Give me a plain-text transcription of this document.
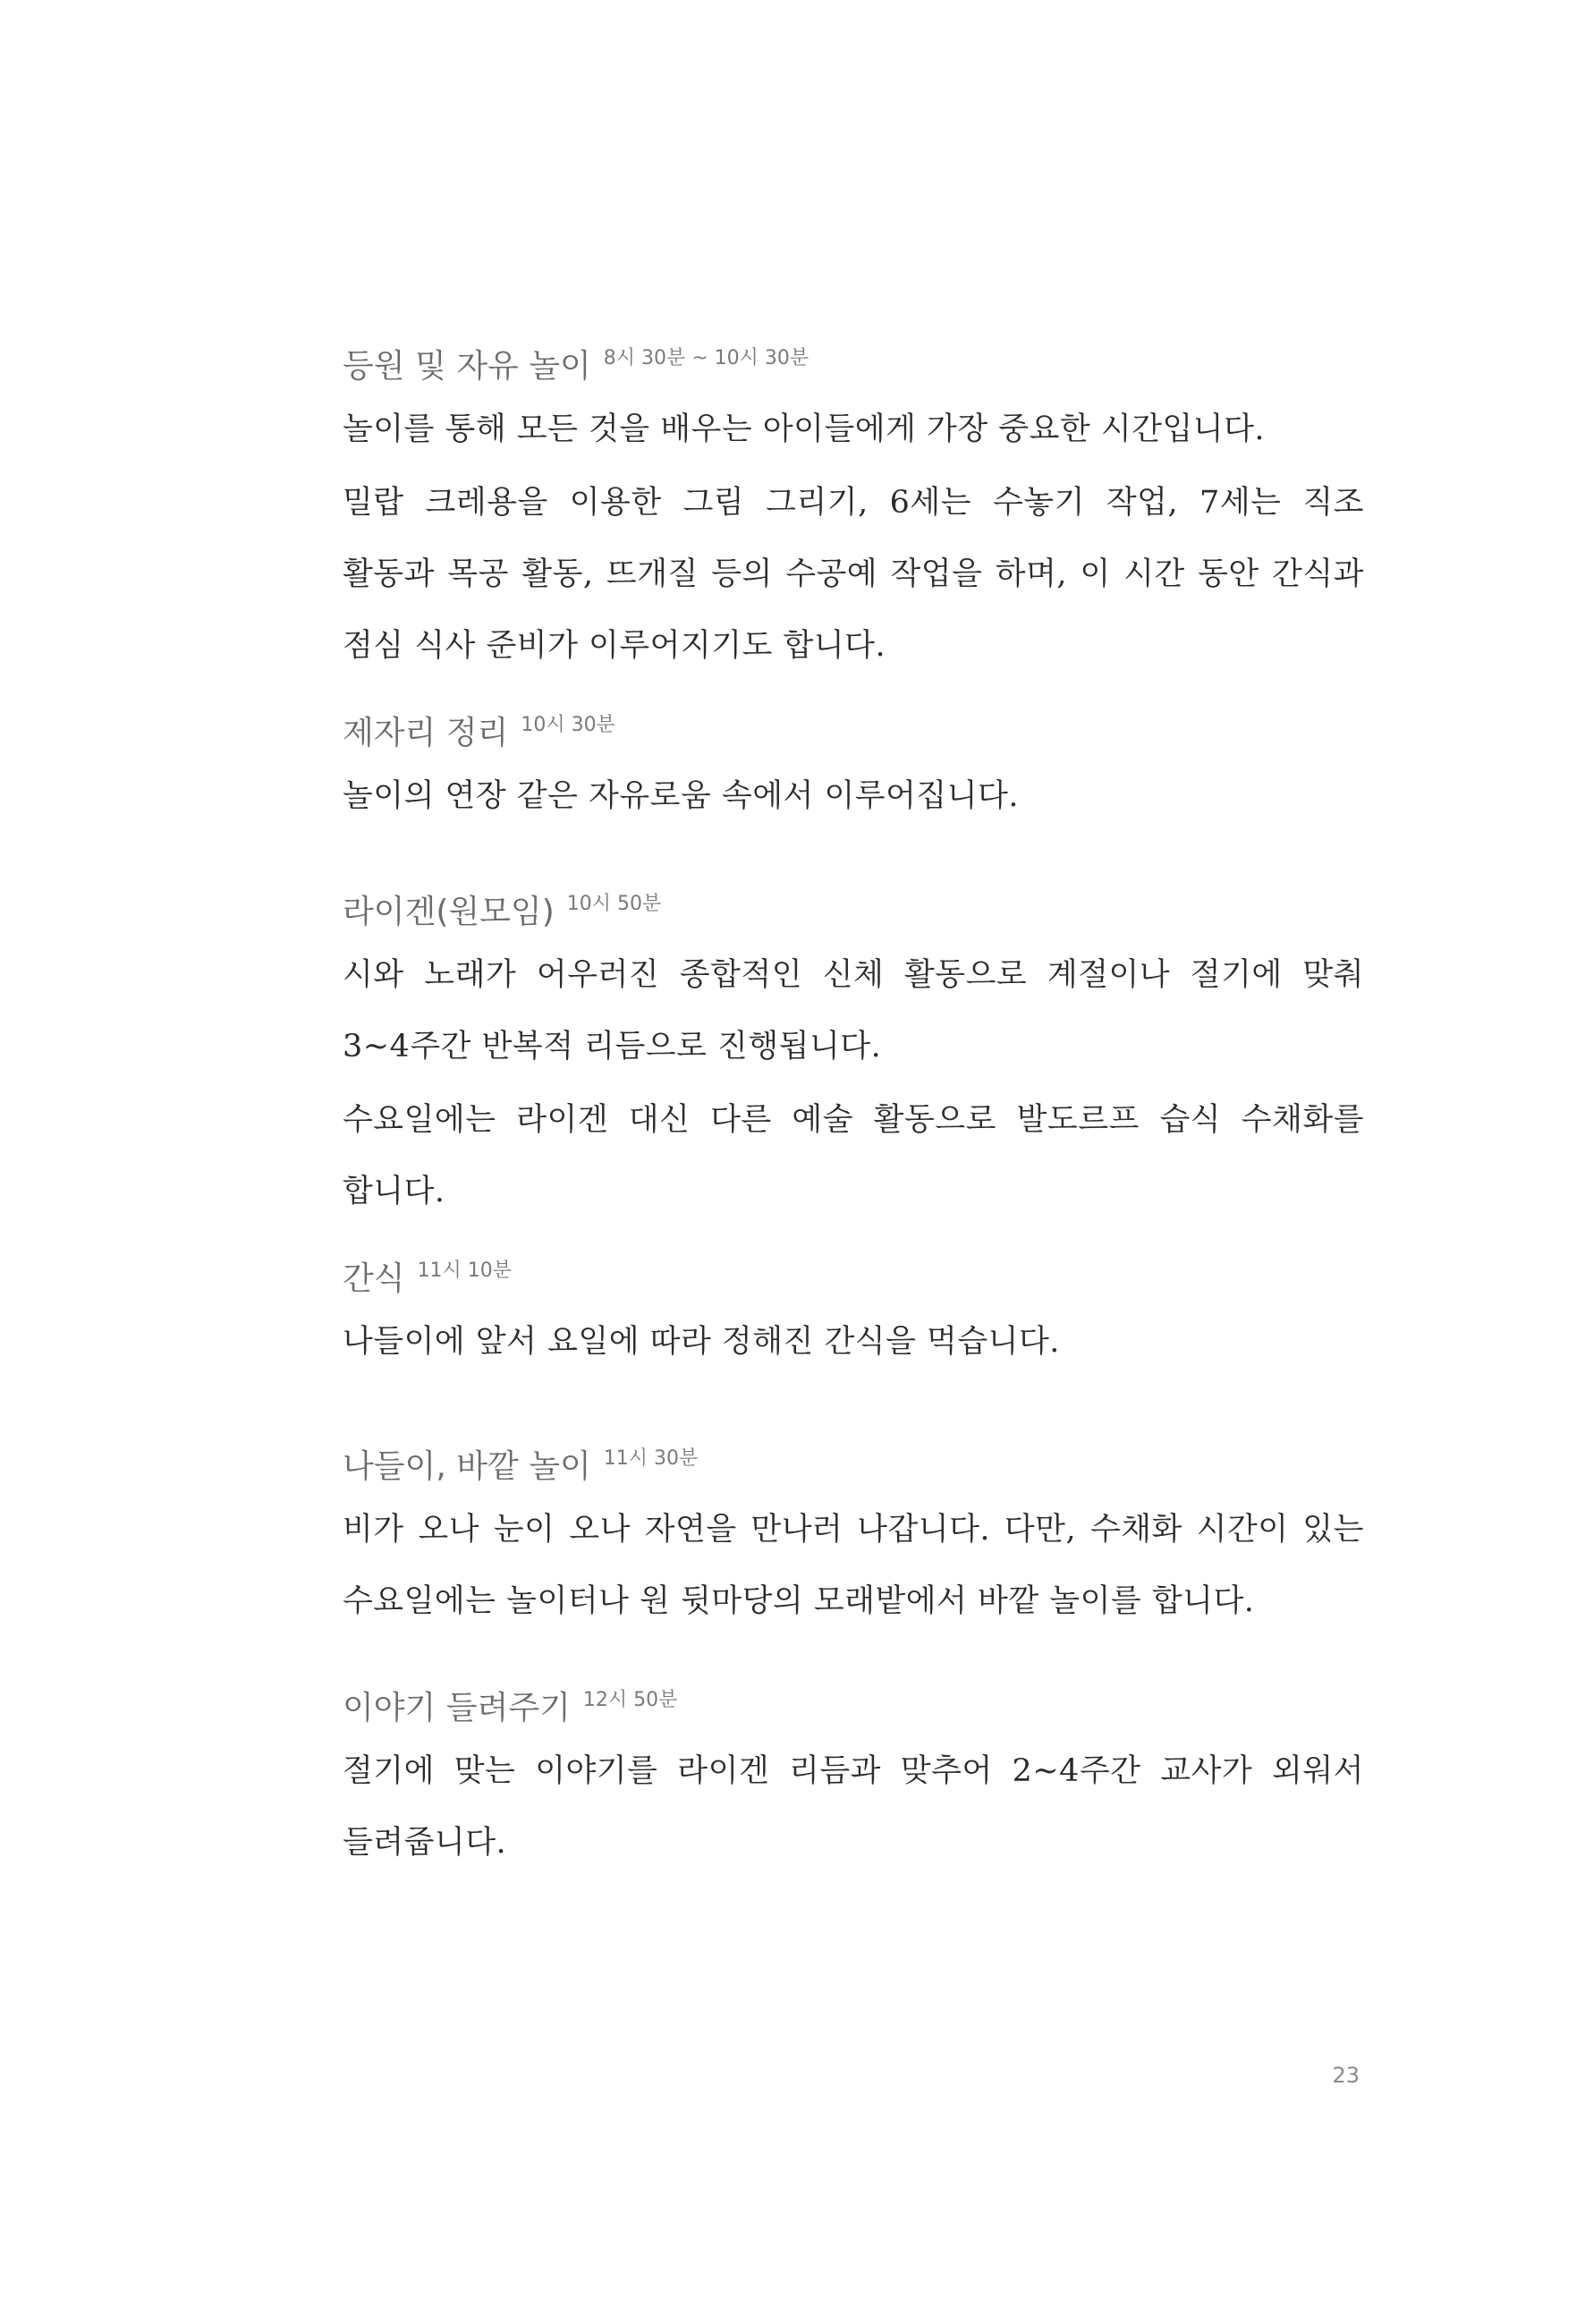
등원 및 자유 놀이 8시 30분 ~ 10시 30분

놀이를 통해 모든 것을 배우는 아이들에게 가장 중요한 시간입니다.

밀랍 크레용을 이용한 그림 그리기, 6세는 수놓기 작업, 7세는 직조 활동과 목공 활동, 뜨개질 등의 수공예 작업을 하며, 이 시간 동안 간식과 점심 식사 준비가 이루어지기도 합니다.

제자리 정리 10시 30분

놀이의 연장 같은 자유로움 속에서 이루어집니다.

라이겐(원모임) 10시 50분

시와 노래가 어우러진 종합적인 신체 활동으로 계절이나 절기에 맞춰 3~4주간 반복적 리듬으로 진행됩니다.

수요일에는 라이겐 대신 다른 예술 활동으로 발도르프 습식 수채화를 합니다.

간식 11시 10분

나들이에 앞서 요일에 따라 정해진 간식을 먹습니다.

나들이, 바깥 놀이 11시 30분

비가 오나 눈이 오나 자연을 만나러 나갑니다. 다만, 수채화 시간이 있는 수요일에는 놀이터나 원 뒷마당의 모래밭에서 바깥 놀이를 합니다.

이야기 들려주기 12시 50분

절기에 맞는 이야기를 라이겐 리듬과 맞추어 2~4주간 교사가 외워서 들려줍니다.

23
